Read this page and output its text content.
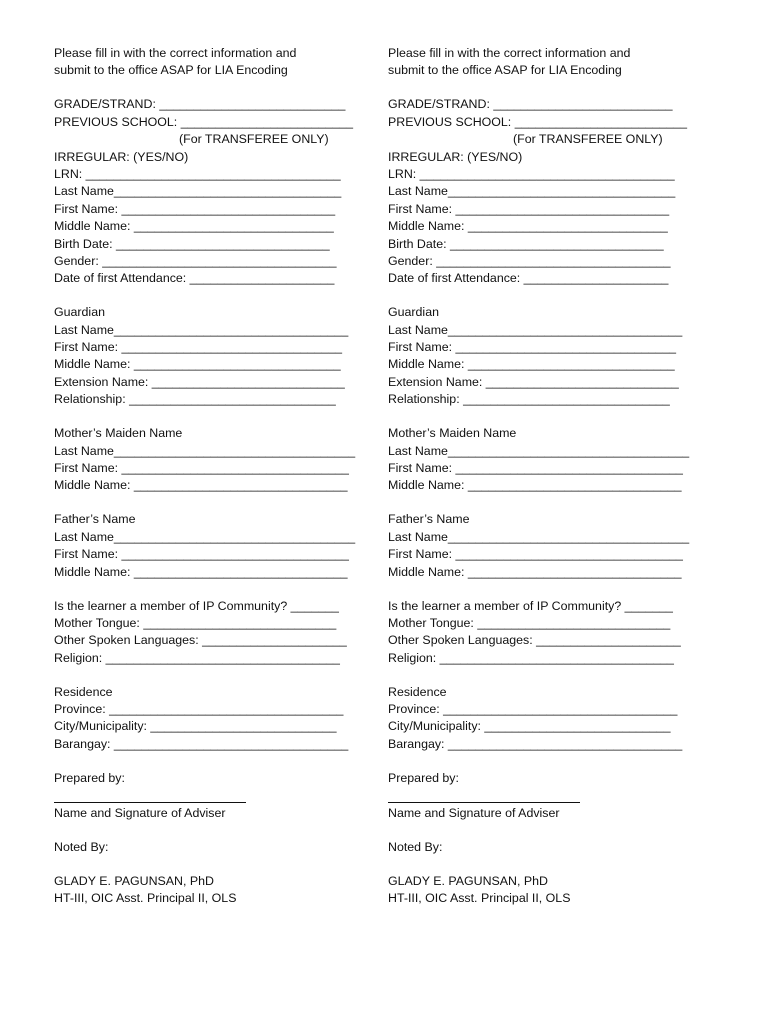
Please fill in with the correct information and
submit to the office ASAP for LIA Encoding
GRADE/STRAND: ___________________________
PREVIOUS SCHOOL: _________________________
(For TRANSFEREE ONLY)
IRREGULAR: (YES/NO)
LRN: _____________________________________
Last Name_________________________________
First Name: _______________________________
Middle Name: _____________________________
Birth Date: _______________________________
Gender: __________________________________
Date of first Attendance: _____________________
Guardian
Last Name__________________________________
First Name: ________________________________
Middle Name: ______________________________
Extension Name: ____________________________
Relationship: ______________________________
Mother’s Maiden Name
Last Name___________________________________
First Name: _________________________________
Middle Name: _______________________________
Father’s Name
Last Name___________________________________
First Name: _________________________________
Middle Name: _______________________________
Is the learner a member of IP Community? _______
Mother Tongue: ____________________________
Other Spoken Languages: _____________________
Religion: __________________________________
Residence
Province: __________________________________
City/Municipality: ___________________________
Barangay: __________________________________
Prepared by:
Name and Signature of Adviser
Noted By:
GLADY E. PAGUNSAN, PhD
HT-III, OIC Asst. Principal II, OLS
Please fill in with the correct information and
submit to the office ASAP for LIA Encoding
GRADE/STRAND: __________________________
PREVIOUS SCHOOL: _________________________
(For TRANSFEREE ONLY)
IRREGULAR: (YES/NO)
LRN: _____________________________________
Last Name_________________________________
First Name: _______________________________
Middle Name: _____________________________
Birth Date: _______________________________
Gender: __________________________________
Date of first Attendance: _____________________
Guardian
Last Name__________________________________
First Name: ________________________________
Middle Name: ______________________________
Extension Name: ____________________________
Relationship: ______________________________
Mother’s Maiden Name
Last Name___________________________________
First Name: _________________________________
Middle Name: _______________________________
Father’s Name
Last Name___________________________________
First Name: _________________________________
Middle Name: _______________________________
Is the learner a member of IP Community? _______
Mother Tongue: ____________________________
Other Spoken Languages: _____________________
Religion: __________________________________
Residence
Province: __________________________________
City/Municipality: ___________________________
Barangay: __________________________________
Prepared by:
Name and Signature of Adviser
Noted By:
GLADY E. PAGUNSAN, PhD
HT-III, OIC Asst. Principal II, OLS
